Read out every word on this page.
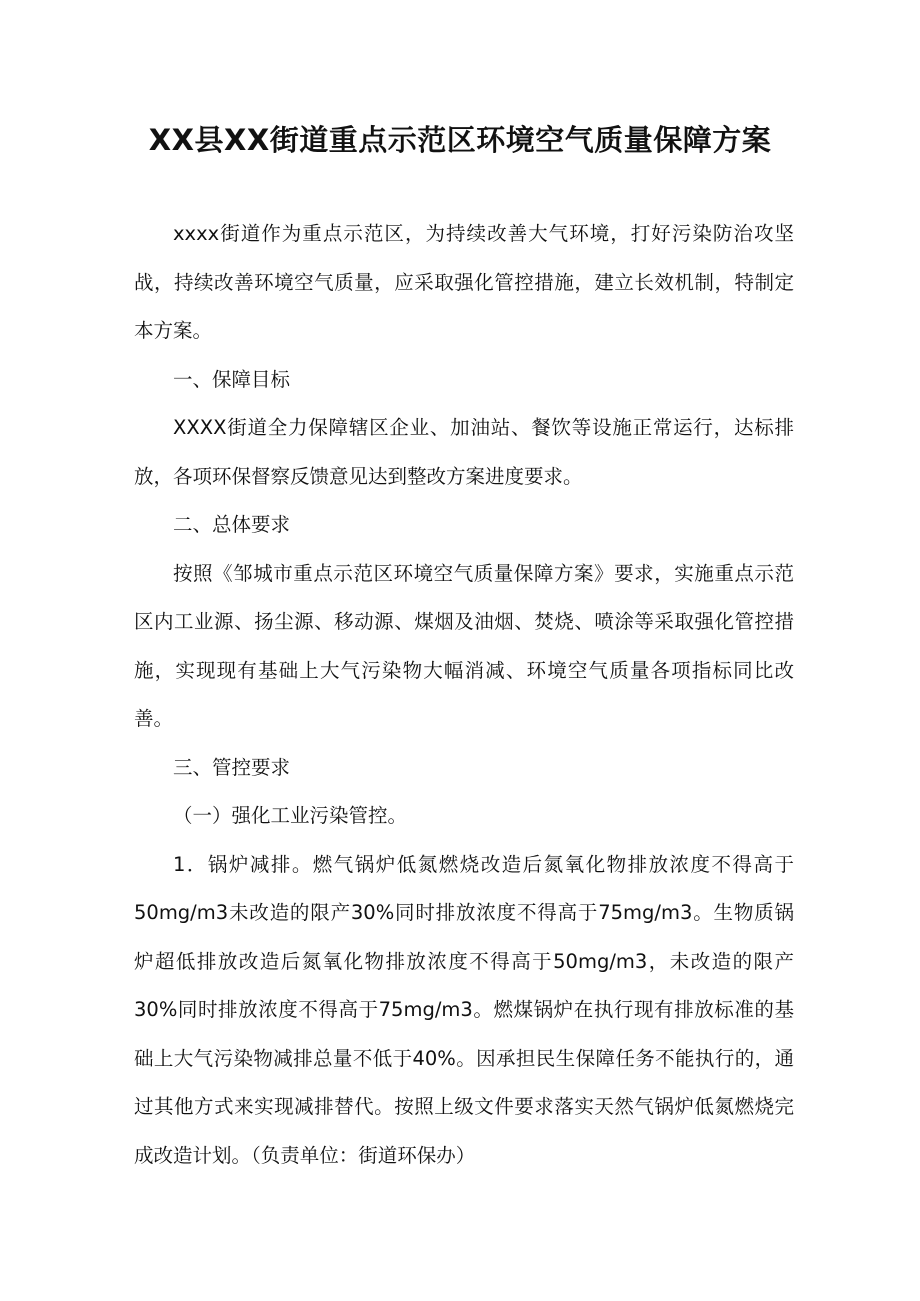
XX县XX街道重点示范区环境空气质量保障方案

xxxx街道作为重点示范区，为持续改善大气环境，打好污染防治攻坚战，持续改善环境空气质量，应采取强化管控措施，建立长效机制，特制定本方案。

一、保障目标

XXXX街道全力保障辖区企业、加油站、餐饮等设施正常运行，达标排放，各项环保督察反馈意见达到整改方案进度要求。

二、总体要求

按照《邹城市重点示范区环境空气质量保障方案》要求，实施重点示范区内工业源、扬尘源、移动源、煤烟及油烟、焚烧、喷涂等采取强化管控措施，实现现有基础上大气污染物大幅消减、环境空气质量各项指标同比改善。

三、管控要求

（一）强化工业污染管控。

1．锅炉减排。燃气锅炉低氮燃烧改造后氮氧化物排放浓度不得高于50mg/m3未改造的限产30%同时排放浓度不得高于75mg/m3。生物质锅炉超低排放改造后氮氧化物排放浓度不得高于50mg/m3，未改造的限产30%同时排放浓度不得高于75mg/m3。燃煤锅炉在执行现有排放标准的基础上大气污染物减排总量不低于40%。因承担民生保障任务不能执行的，通过其他方式来实现减排替代。按照上级文件要求落实天然气锅炉低氮燃烧完成改造计划。（负责单位：街道环保办）
